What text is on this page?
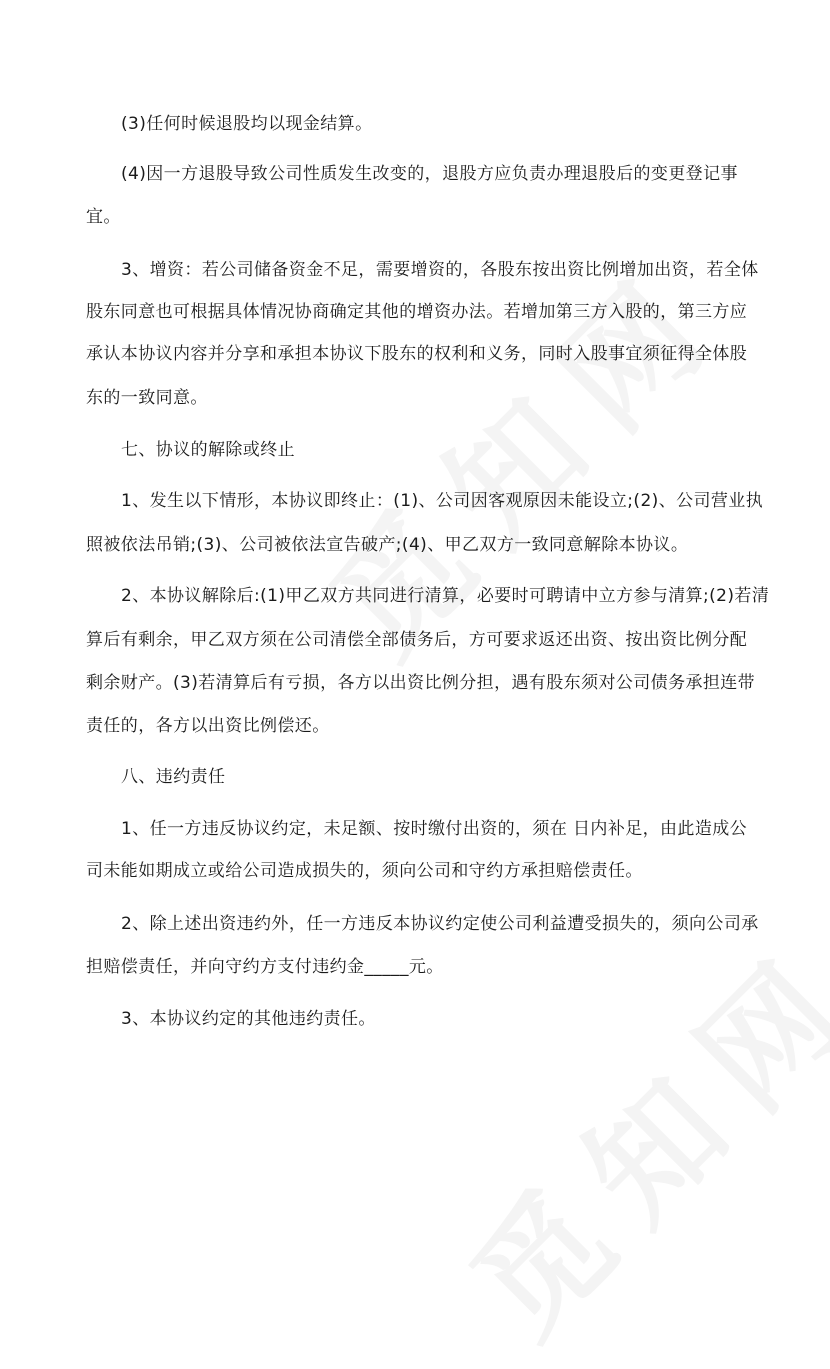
(3)任何时候退股均以现金结算。
(4)因一方退股导致公司性质发生改变的，退股方应负责办理退股后的变更登记事
宜。
3、增资：若公司储备资金不足，需要增资的，各股东按出资比例增加出资，若全体
股东同意也可根据具体情况协商确定其他的增资办法。若增加第三方入股的，第三方应
承认本协议内容并分享和承担本协议下股东的权利和义务，同时入股事宜须征得全体股
东的一致同意。
七、协议的解除或终止
1、发生以下情形，本协议即终止：(1)、公司因客观原因未能设立;(2)、公司营业执
照被依法吊销;(3)、公司被依法宣告破产;(4)、甲乙双方一致同意解除本协议。
2、本协议解除后:(1)甲乙双方共同进行清算，必要时可聘请中立方参与清算;(2)若清
算后有剩余，甲乙双方须在公司清偿全部债务后，方可要求返还出资、按出资比例分配
剩余财产。(3)若清算后有亏损，各方以出资比例分担，遇有股东须对公司债务承担连带
责任的，各方以出资比例偿还。
八、违约责任
1、任一方违反协议约定，未足额、按时缴付出资的，须在 日内补足，由此造成公
司未能如期成立或给公司造成损失的，须向公司和守约方承担赔偿责任。
2、除上述出资违约外，任一方违反本协议约定使公司利益遭受损失的，须向公司承
担赔偿责任，并向守约方支付违约金_____元。
3、本协议约定的其他违约责任。
